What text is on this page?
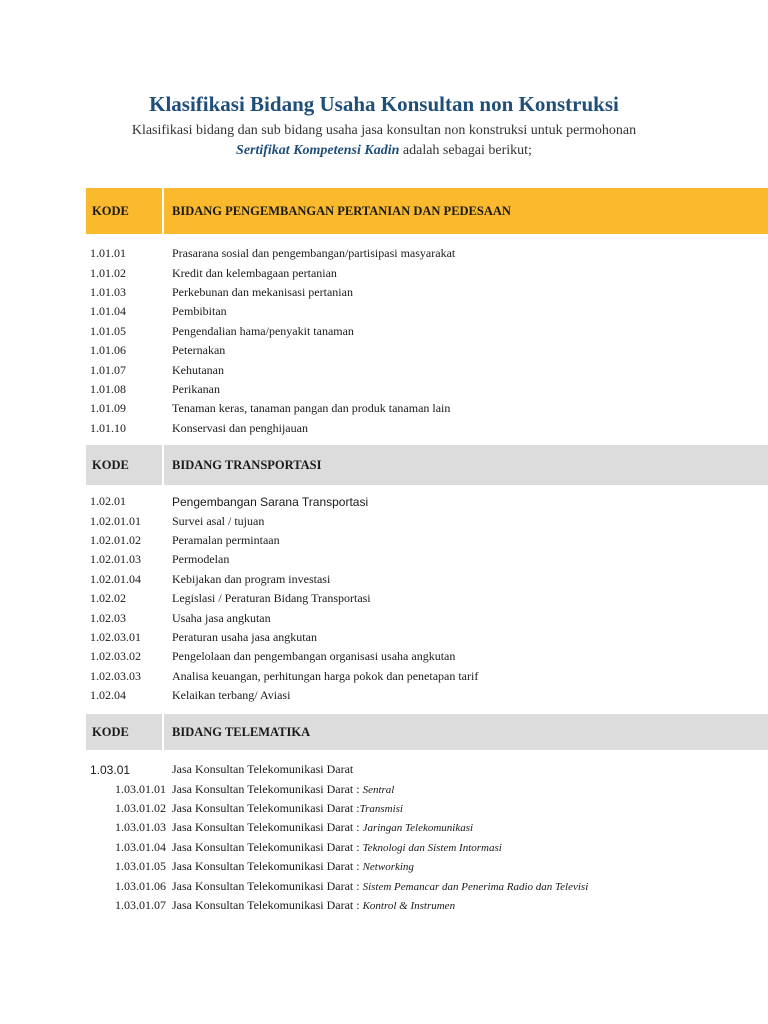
Klasifikasi Bidang Usaha Konsultan non Konstruksi

Klasifikasi bidang dan sub bidang usaha jasa konsultan non konstruksi untuk permohonan
Sertifikat Kompetensi Kadin adalah sebagai berikut;

KODE	BIDANG PENGEMBANGAN PERTANIAN DAN PEDESAAN
1.01.01	Prasarana sosial dan pengembangan/partisipasi masyarakat
1.01.02	Kredit dan kelembagaan pertanian
1.01.03	Perkebunan dan mekanisasi pertanian
1.01.04	Pembibitan
1.01.05	Pengendalian hama/penyakit tanaman
1.01.06	Peternakan
1.01.07	Kehutanan
1.01.08	Perikanan
1.01.09	Tenaman keras, tanaman pangan dan produk tanaman lain
1.01.10	Konservasi dan penghijauan
KODE	BIDANG TRANSPORTASI
1.02.01	Pengembangan Sarana Transportasi
1.02.01.01	Survei asal / tujuan
1.02.01.02	Peramalan permintaan
1.02.01.03	Permodelan
1.02.01.04	Kebijakan dan program investasi
1.02.02	Legislasi / Peraturan Bidang Transportasi
1.02.03	Usaha jasa angkutan
1.02.03.01	Peraturan usaha jasa angkutan
1.02.03.02	Pengelolaan dan pengembangan organisasi usaha angkutan
1.02.03.03	Analisa keuangan, perhitungan harga pokok dan penetapan tarif
1.02.04	Kelaikan terbang/ Aviasi
KODE	BIDANG TELEMATIKA
1.03.01	Jasa Konsultan Telekomunikasi Darat
1.03.01.01 Jasa Konsultan Telekomunikasi Darat : Sentral
1.03.01.02 Jasa Konsultan Telekomunikasi Darat :Transmisi
1.03.01.03 Jasa Konsultan Telekomunikasi Darat : Jaringan Telekomunikasi
1.03.01.04 Jasa Konsultan Telekomunikasi Darat : Teknologi dan Sistem Intormasi
1.03.01.05 Jasa Konsultan Telekomunikasi Darat : Networking
1.03.01.06 Jasa Konsultan Telekomunikasi Darat : Sistem Pemancar dan Penerima Radio dan Televisi
1.03.01.07 Jasa Konsultan Telekomunikasi Darat : Kontrol & Instrumen
